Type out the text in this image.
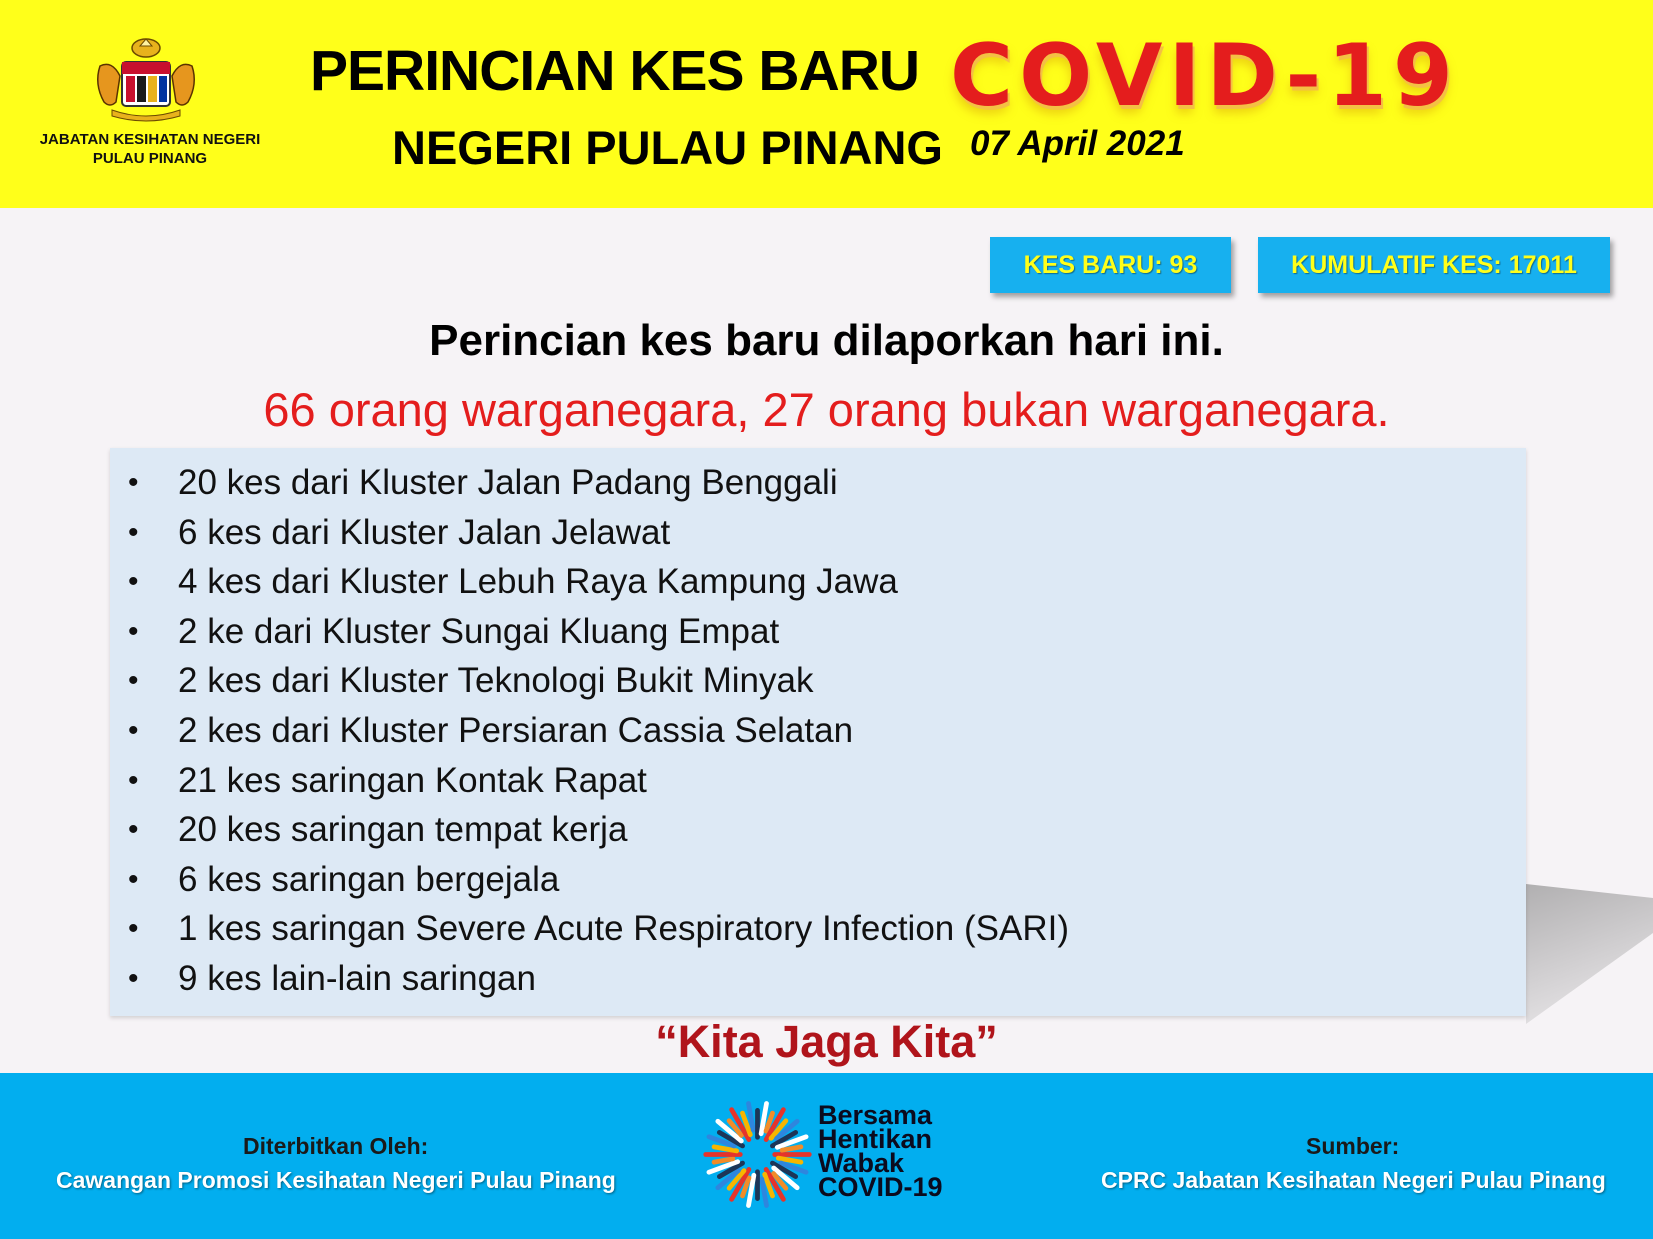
JABATAN KESIHATAN NEGERI
PULAU PINANG
PERINCIAN KES BARU COVID-19
NEGERI PULAU PINANG 07 April 2021
KES BARU: 93	KUMULATIF KES: 17011
Perincian kes baru dilaporkan hari ini.
66 orang warganegara, 27 orang bukan warganegara.
• 20 kes dari Kluster Jalan Padang Benggali
• 6 kes dari Kluster Jalan Jelawat
• 4 kes dari Kluster Lebuh Raya Kampung Jawa
• 2 ke dari Kluster Sungai Kluang Empat
• 2 kes dari Kluster Teknologi Bukit Minyak
• 2 kes dari Kluster Persiaran Cassia Selatan
• 21 kes saringan Kontak Rapat
• 20 kes saringan tempat kerja
• 6 kes saringan bergejala
• 1 kes saringan Severe Acute Respiratory Infection (SARI)
• 9 kes lain-lain saringan
“Kita Jaga Kita”
Diterbitkan Oleh:
Cawangan Promosi Kesihatan Negeri Pulau Pinang
Bersama
Hentikan
Wabak
COVID-19
Sumber:
CPRC Jabatan Kesihatan Negeri Pulau Pinang
